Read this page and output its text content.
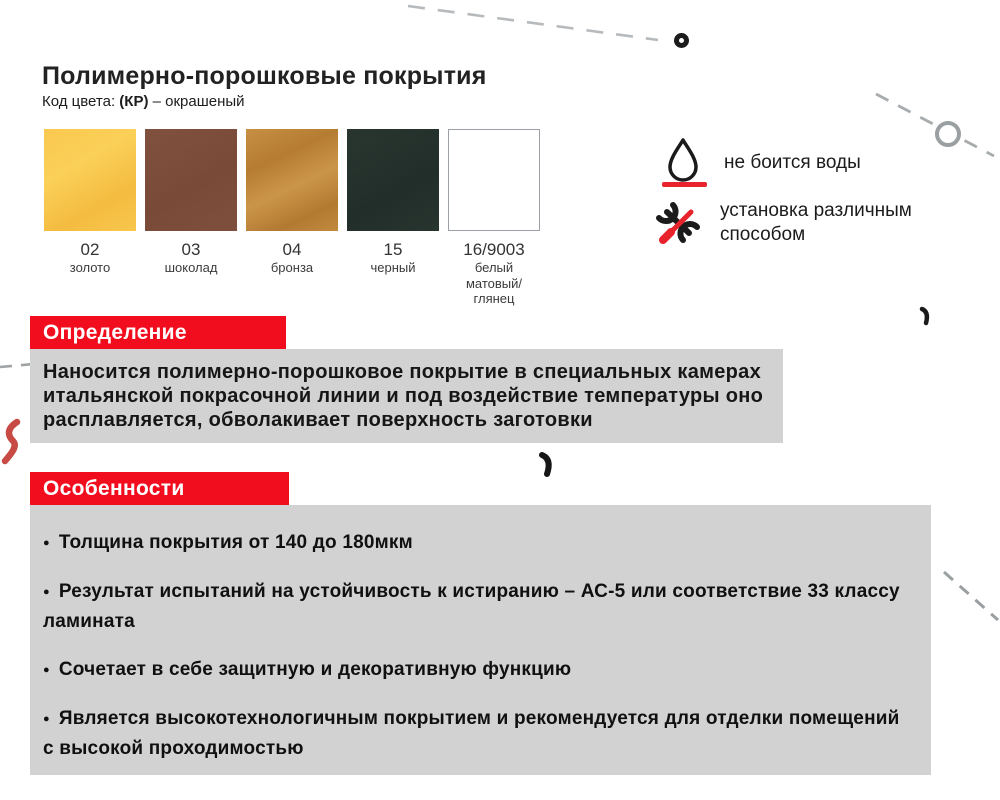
Полимерно-порошковые покрытия
Код цвета: (КР) – окрашеный
02
золото
03
шоколад
04
бронза
15
черный
16/9003
белый
матовый/глянец
не боится воды
установка различным
способом
Определение
Наносится полимерно-порошковое покрытие в специальных камерах
итальянской покрасочной линии и под воздействие температуры оно
расплавляется, обволакивает поверхность заготовки
Особенности
● Толщина покрытия от 140 до 180мкм
● Результат испытаний на устойчивость к истиранию – АС-5 или соответствие 33 классу ламината
● Сочетает в себе защитную и декоративную функцию
● Является высокотехнологичным покрытием и рекомендуется для отделки помещений с высокой проходимостью
